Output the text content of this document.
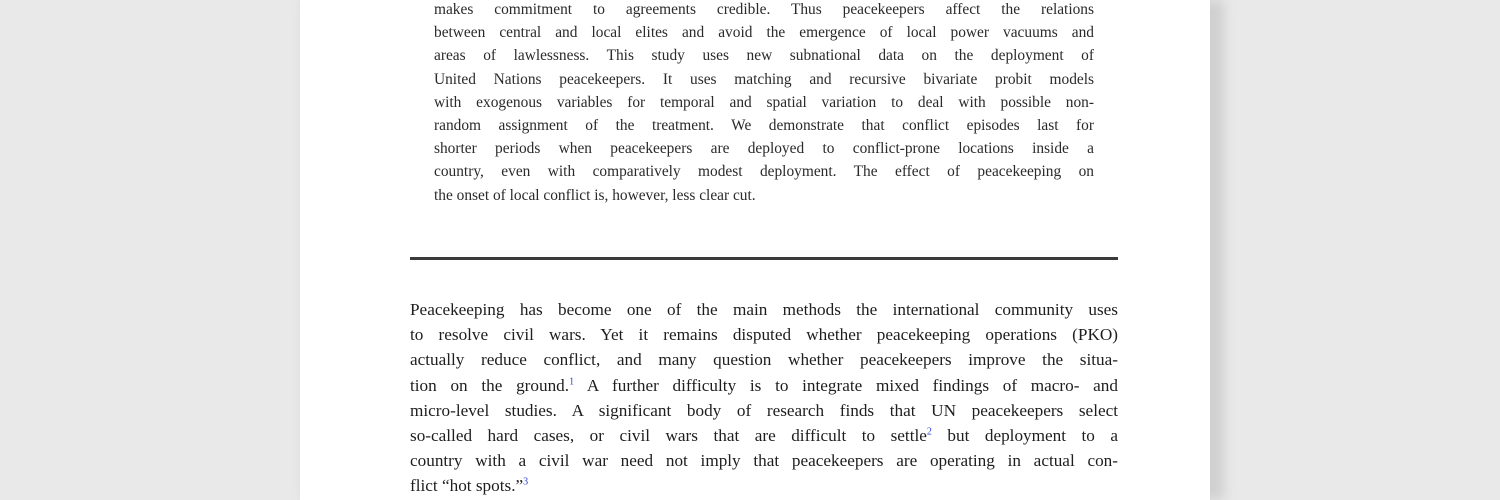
makes commitment to agreements credible. Thus peacekeepers affect the relations
between central and local elites and avoid the emergence of local power vacuums and
areas of lawlessness. This study uses new subnational data on the deployment of
United Nations peacekeepers. It uses matching and recursive bivariate probit models
with exogenous variables for temporal and spatial variation to deal with possible non-
random assignment of the treatment. We demonstrate that conflict episodes last for
shorter periods when peacekeepers are deployed to conflict-prone locations inside a
country, even with comparatively modest deployment. The effect of peacekeeping on
the onset of local conflict is, however, less clear cut.
Peacekeeping has become one of the main methods the international community uses
to resolve civil wars. Yet it remains disputed whether peacekeeping operations (PKO)
actually reduce conflict, and many question whether peacekeepers improve the situa-
tion on the ground.$^1$ A further difficulty is to integrate mixed findings of macro- and
micro-level studies. A significant body of research finds that UN peacekeepers select
so-called hard cases, or civil wars that are difficult to settle$^2$ but deployment to a
country with a civil war need not imply that peacekeepers are operating in actual con-
flict “hot spots.”$^3$
